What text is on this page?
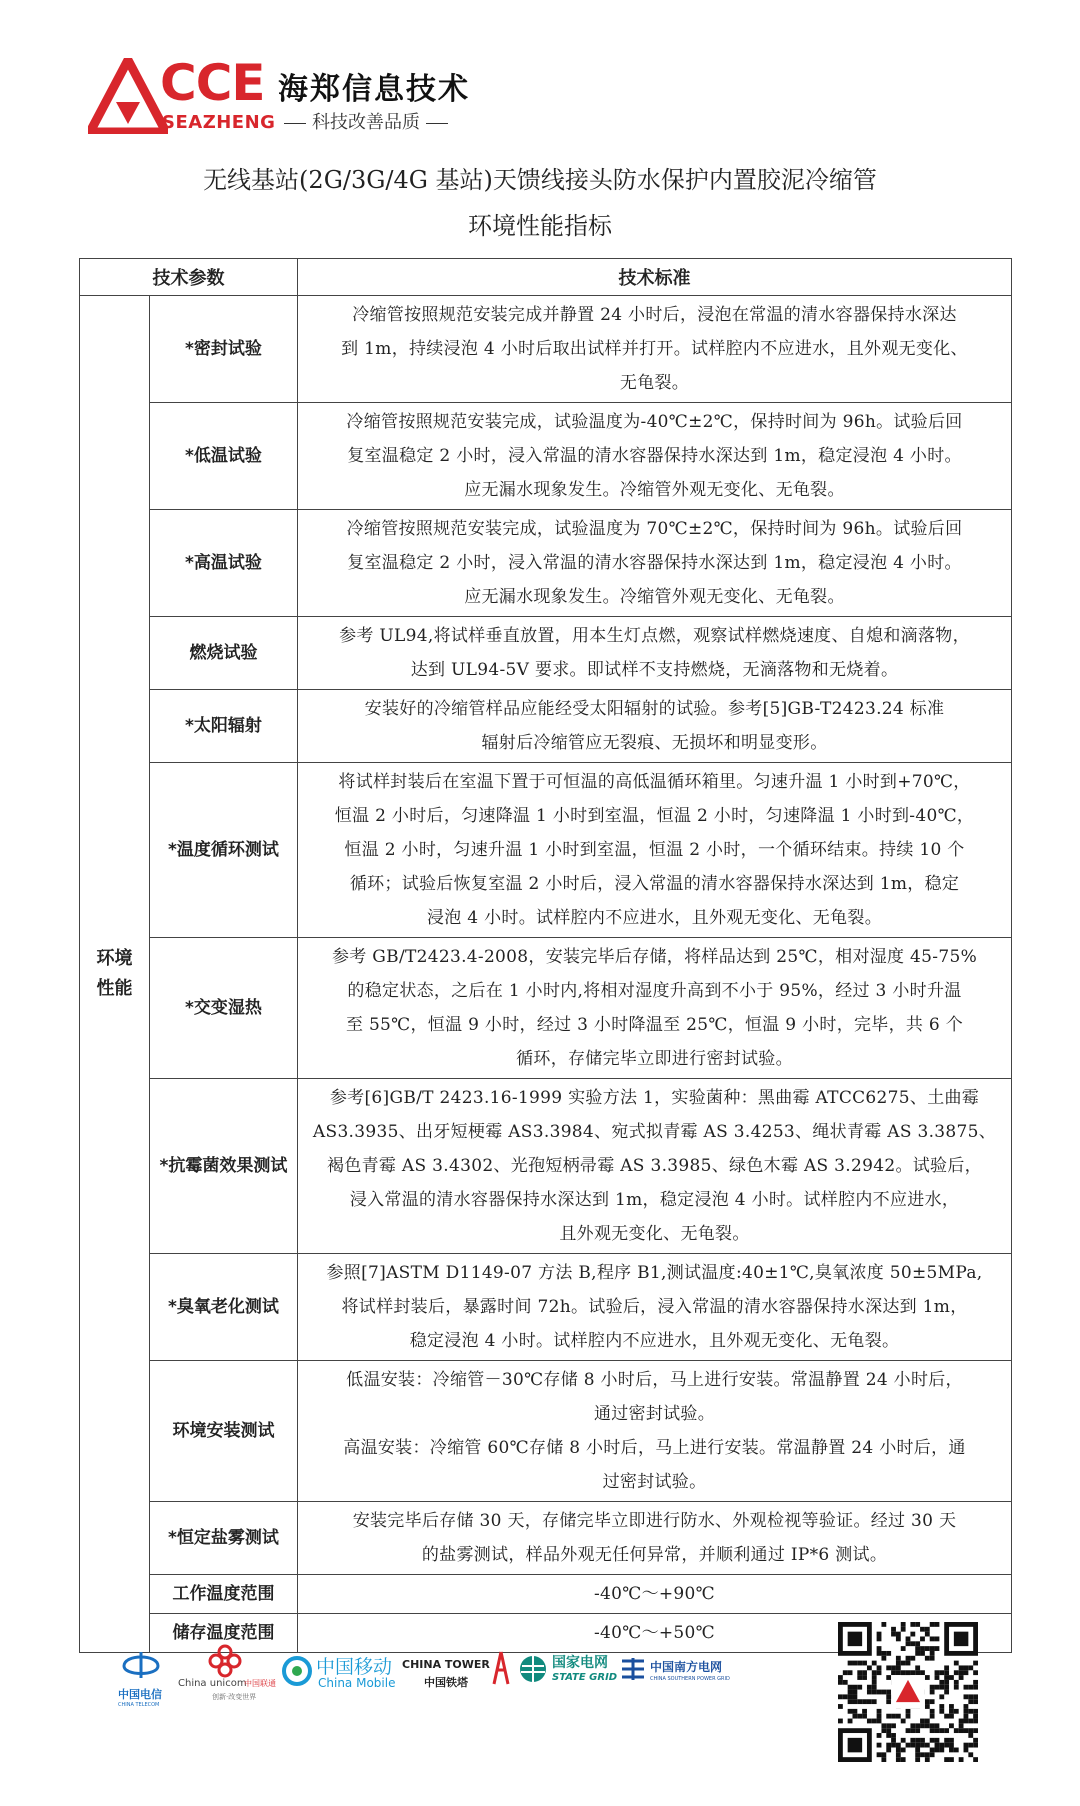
CCE
SEAZHENG
海郑信息技术
科技改善品质
无线基站(2G/3G/4G 基站)天馈线接头防水保护内置胶泥冷缩管
环境性能指标
技术参数		技术标准
环境
性能	*密封试验	冷缩管按照规范安装完成并静置 24 小时后，浸泡在常温的清水容器保持水深达
到 1m，持续浸泡 4 小时后取出试样并打开。试样腔内不应进水，且外观无变化、
无龟裂。

	*低温试验	冷缩管按照规范安装完成，试验温度为-40℃±2℃，保持时间为 96h。试验后回
复室温稳定 2 小时，浸入常温的清水容器保持水深达到 1m，稳定浸泡 4 小时。
应无漏水现象发生。冷缩管外观无变化、无龟裂。

	*高温试验	冷缩管按照规范安装完成，试验温度为 70℃±2℃，保持时间为 96h。试验后回
复室温稳定 2 小时，浸入常温的清水容器保持水深达到 1m，稳定浸泡 4 小时。
应无漏水现象发生。冷缩管外观无变化、无龟裂。

	燃烧试验	参考 UL94,将试样垂直放置，用本生灯点燃，观察试样燃烧速度、自熄和滴落物，
达到 UL94-5V 要求。即试样不支持燃烧，无滴落物和无烧着。

	*太阳辐射	安装好的冷缩管样品应能经受太阳辐射的试验。参考[5]GB-T2423.24 标准
辐射后冷缩管应无裂痕、无损坏和明显变形。

	*温度循环测试	将试样封装后在室温下置于可恒温的高低温循环箱里。匀速升温 1 小时到+70℃，
恒温 2 小时后，匀速降温 1 小时到室温，恒温 2 小时，匀速降温 1 小时到-40℃，
恒温 2 小时，匀速升温 1 小时到室温，恒温 2 小时，一个循环结束。持续 10 个
循环；试验后恢复室温 2 小时后，浸入常温的清水容器保持水深达到 1m，稳定
浸泡 4 小时。试样腔内不应进水，且外观无变化、无龟裂。

	*交变湿热	参考 GB/T2423.4-2008，安装完毕后存储，将样品达到 25℃，相对湿度 45-75%
的稳定状态，之后在 1 小时内,将相对湿度升高到不小于 95%，经过 3 小时升温
至 55℃，恒温 9 小时，经过 3 小时降温至 25℃，恒温 9 小时，完毕，共 6 个
循环，存储完毕立即进行密封试验。

	*抗霉菌效果测试	参考[6]GB/T 2423.16-1999 实验方法 1，实验菌种：黑曲霉 ATCC6275、土曲霉
AS3.3935、出牙短梗霉 AS3.3984、宛式拟青霉 AS 3.4253、绳状青霉 AS 3.3875、
褐色青霉 AS 3.4302、光孢短柄帚霉 AS 3.3985、绿色木霉 AS 3.2942。试验后，
浸入常温的清水容器保持水深达到 1m，稳定浸泡 4 小时。试样腔内不应进水，
且外观无变化、无龟裂。

	*臭氧老化测试	参照[7]ASTM D1149-07 方法 B,程序 B1,测试温度:40±1℃,臭氧浓度 50±5MPa,
将试样封装后，暴露时间 72h。试验后，浸入常温的清水容器保持水深达到 1m，
稳定浸泡 4 小时。试样腔内不应进水，且外观无变化、无龟裂。

	环境安装测试	低温安装：冷缩管－30℃存储 8 小时后，马上进行安装。常温静置 24 小时后，
通过密封试验。
高温安装：冷缩管 60℃存储 8 小时后，马上进行安装。常温静置 24 小时后，通
过密封试验。

	*恒定盐雾测试	安装完毕后存储 30 天，存储完毕立即进行防水、外观检视等验证。经过 30 天
的盐雾测试，样品外观无任何异常，并顺利通过 IP*6 测试。

	工作温度范围	-40℃～+90℃
	储存温度范围	-40℃～+50℃
中国电信
CHINA TELECOM
China unicom
中国联通
创新·改变世界
中国移动
China Mobile
CHINA TOWER
中国铁塔
国家电网
STATE GRID
中国南方电网
CHINA SOUTHERN POWER GRID
